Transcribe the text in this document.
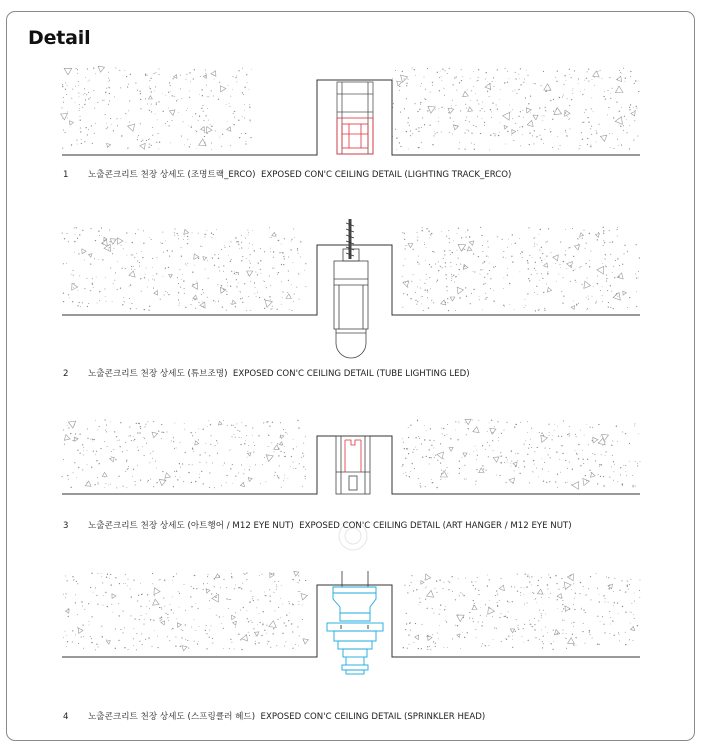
Detail
1 노출콘크리트 천장 상세도 (조명트랙_ERCO) EXPOSED CON'C CEILING DETAIL (LIGHTING TRACK_ERCO)
2 노출콘크리트 천장 상세도 (튜브조명) EXPOSED CON'C CEILING DETAIL (TUBE LIGHTING LED)
3 노출콘크리트 천장 상세도 (아트행어 / M12 EYE NUT) EXPOSED CON'C CEILING DETAIL (ART HANGER / M12 EYE NUT)
4 노출콘크리트 천장 상세도 (스프링클러 헤드) EXPOSED CON'C CEILING DETAIL (SPRINKLER HEAD)
